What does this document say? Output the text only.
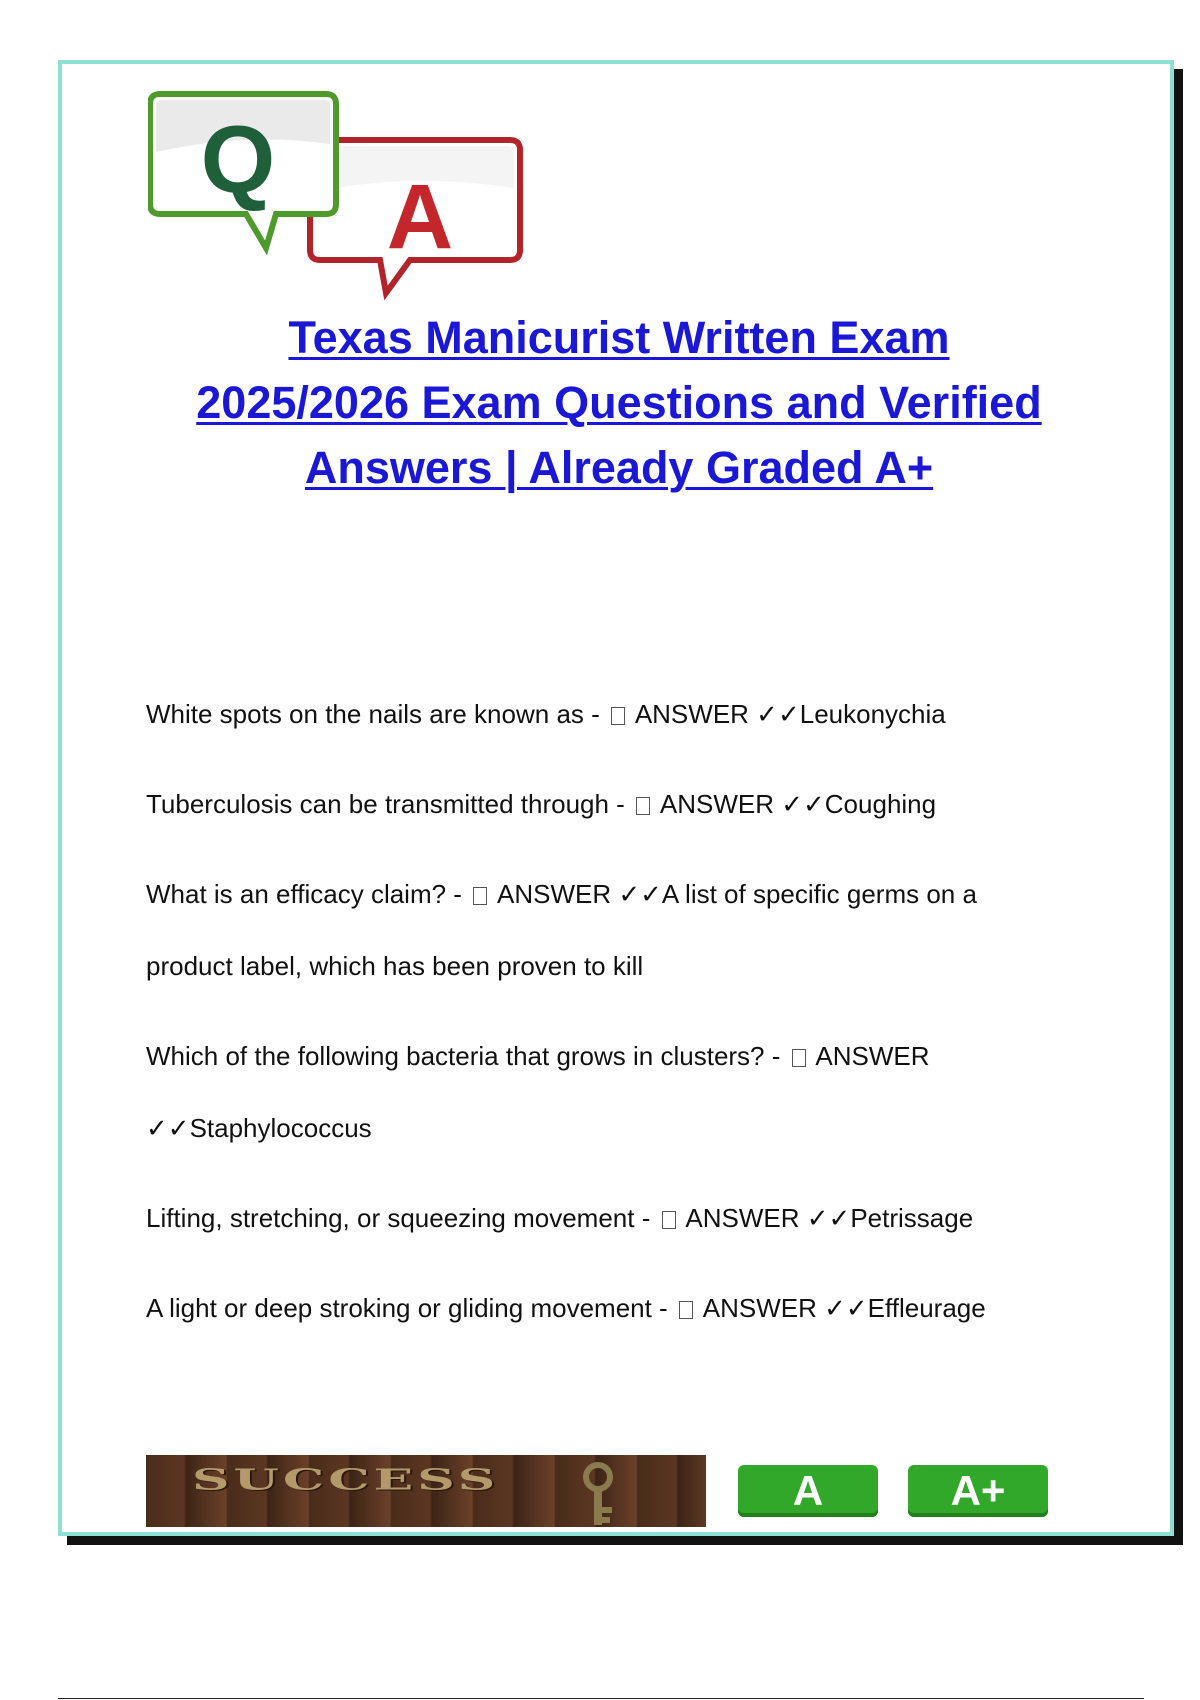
A
Q
Texas Manicurist Written Exam
2025/2026 Exam Questions and Verified
Answers | Already Graded A+

White spots on the nails are known as -  ANSWER ✓✓Leukonychia

Tuberculosis can be transmitted through -  ANSWER ✓✓Coughing

What is an efficacy claim? -  ANSWER ✓✓A list of specific germs on a
product label, which has been proven to kill

Which of the following bacteria that grows in clusters? -  ANSWER
✓✓Staphylococcus

Lifting, stretching, or squeezing movement -  ANSWER ✓✓Petrissage

A light or deep stroking or gliding movement -  ANSWER ✓✓Effleurage

SUCCESS	A	A+
